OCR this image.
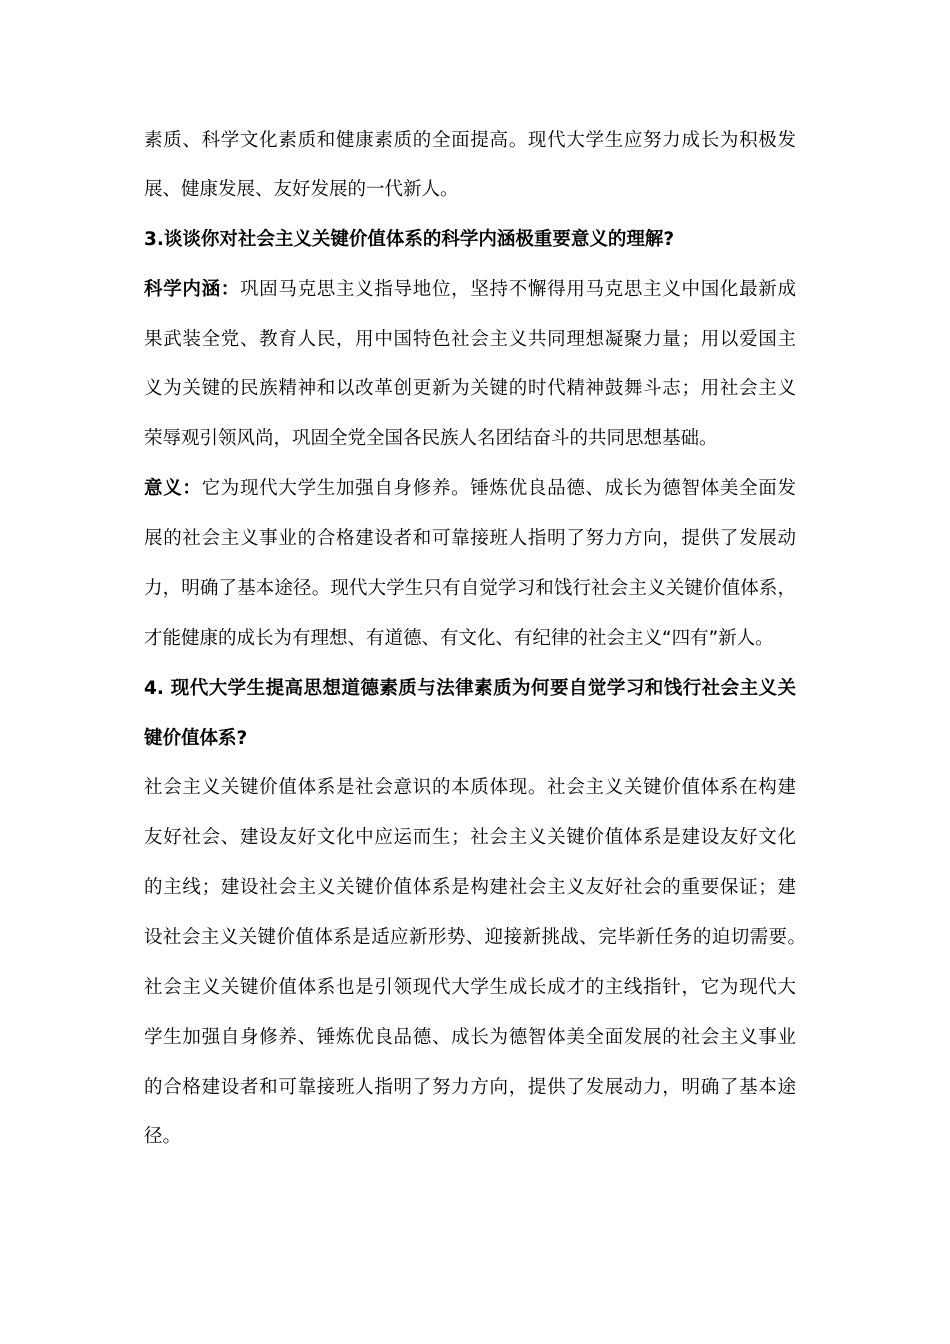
素质、科学文化素质和健康素质的全面提高。现代大学生应努力成长为积极发

展、健康发展、友好发展的一代新人。

3.谈谈你对社会主义关键价值体系的科学内涵极重要意义的理解?

科学内涵：巩固马克思主义指导地位，坚持不懈得用马克思主义中国化最新成

果武装全党、教育人民，用中国特色社会主义共同理想凝聚力量；用以爱国主

义为关键的民族精神和以改革创更新为关键的时代精神鼓舞斗志；用社会主义

荣辱观引领风尚，巩固全党全国各民族人名团结奋斗的共同思想基础。

意义：它为现代大学生加强自身修养。锤炼优良品德、成长为德智体美全面发

展的社会主义事业的合格建设者和可靠接班人指明了努力方向，提供了发展动

力，明确了基本途径。现代大学生只有自觉学习和饯行社会主义关键价值体系，

才能健康的成长为有理想、有道德、有文化、有纪律的社会主义“四有”新人。

4. 现代大学生提高思想道德素质与法律素质为何要自觉学习和饯行社会主义关

键价值体系?

社会主义关键价值体系是社会意识的本质体现。社会主义关键价值体系在构建

友好社会、建设友好文化中应运而生；社会主义关键价值体系是建设友好文化

的主线；建设社会主义关键价值体系是构建社会主义友好社会的重要保证；建

设社会主义关键价值体系是适应新形势、迎接新挑战、完毕新任务的迫切需要。

社会主义关键价值体系也是引领现代大学生成长成才的主线指针，它为现代大

学生加强自身修养、锤炼优良品德、成长为德智体美全面发展的社会主义事业

的合格建设者和可靠接班人指明了努力方向，提供了发展动力，明确了基本途

径。
